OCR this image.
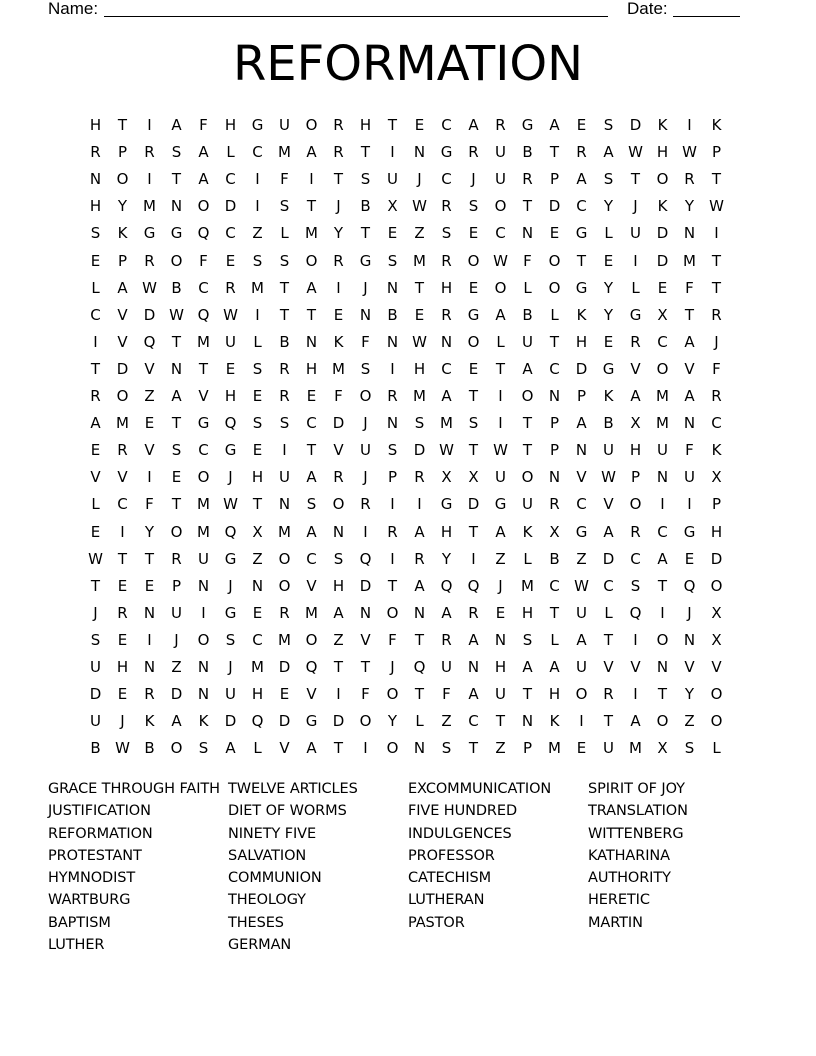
Name:	Date:
REFORMATION
H	T	I	A	F	H	G	U	O	R	H	T	E	C	A	R	G	A	E	S	D	K	I	K
R	P	R	S	A	L	C	M	A	R	T	I	N	G	R	U	B	T	R	A W H W	P
N	O	I	T	A	C	I	F	I	T	S	U	J	C	J	U	R	P	A	S	T	O	R	T
H	Y	M N	O	D	I	S	T	J	B	X W R	S	O	T	D	C	Y	J	K	Y	W
S	K	G	G	Q	C	Z	L	M	Y	T	E	Z	S	E	C	N	E	G	L	U	D	N	I
E	P	R	O	F	E	S	S	O	R	G	S	M	R	O W	F	O	T	E	I	D M	T
L	A W B	C	R	M	T	A	I	J	N	T	H	E	O	L	O	G	Y	L	E	F	T
C	V	D W Q W	I	T	T	E	N	B	E	R	G	A	B	L	K	Y	G	X	T	R
I	V	Q	T	M	U	L	B	N	K	F	N W N	O	L	U	T	H	E	R	C	A	J
T	D	V	N	T	E	S	R	H M	S	I	H	C	E	T	A	C	D	G	V	O	V	F
R	O	Z	A	V	H	E	R	E	F	O	R	M	A	T	I	O	N	P	K	A	M	A	R
A	M	E	T	G	Q	S	S	C	D	J	N	S	M	S	I	T	P	A	B	X	M N	C
E	R	V	S	C	G	E	I	T	V	U	S	D W T	W T	P	N	U	H	U	F	K
V	V	I	E	O	J	H	U	A	R	J	P	R	X	X	U	O	N	V W	P	N	U	X
L	C	F	T	M W T	N	S	O	R	I	I	G	D	G	U	R	C	V	O	I	I	P
E	I	Y	O M Q	X	M	A	N	I	R	A	H	T	A	K	X	G	A	R	C	G	H
W T	T	R	U	G	Z	O	C	S	Q	I	R	Y	I	Z	L	B	Z	D	C	A	E	D
T	E	E	P	N	J	N	O	V	H	D	T	A	Q	Q	J	M	C W C	S	T	Q	O
J	R	N	U	I	G	E	R	M	A	N	O	N	A	R	E	H	T	U	L	Q	I	J	X
S	E	I	J	O	S	C	M O	Z	V	F	T	R	A	N	S	L	A	T	I	O	N	X
U	H	N	Z	N	J	M D	Q	T	T	J	Q	U	N	H	A	A	U	V	V	N	V	V
D	E	R	D	N	U	H	E	V	I	F	O	T	F	A	U	T	H	O	R	I	T	Y	O
U	J	K	A	K	D	Q	D	G	D	O	Y	L	Z	C	T	N	K	I	T	A	O	Z	O
B W B	O	S	A	L	V	A	T	I	O	N	S	T	Z	P	M	E	U	M	X	S	L
GRACE THROUGH FAITH
JUSTIFICATION
REFORMATION
PROTESTANT
HYMNODIST
WARTBURG
BAPTISM
LUTHER
TWELVE ARTICLES
DIET OF WORMS
NINETY FIVE
SALVATION
COMMUNION
THEOLOGY
THESES
GERMAN
EXCOMMUNICATION
FIVE HUNDRED
INDULGENCES
PROFESSOR
CATECHISM
LUTHERAN
PASTOR
SPIRIT OF JOY
TRANSLATION
WITTENBERG
KATHARINA
AUTHORITY
HERETIC
MARTIN
